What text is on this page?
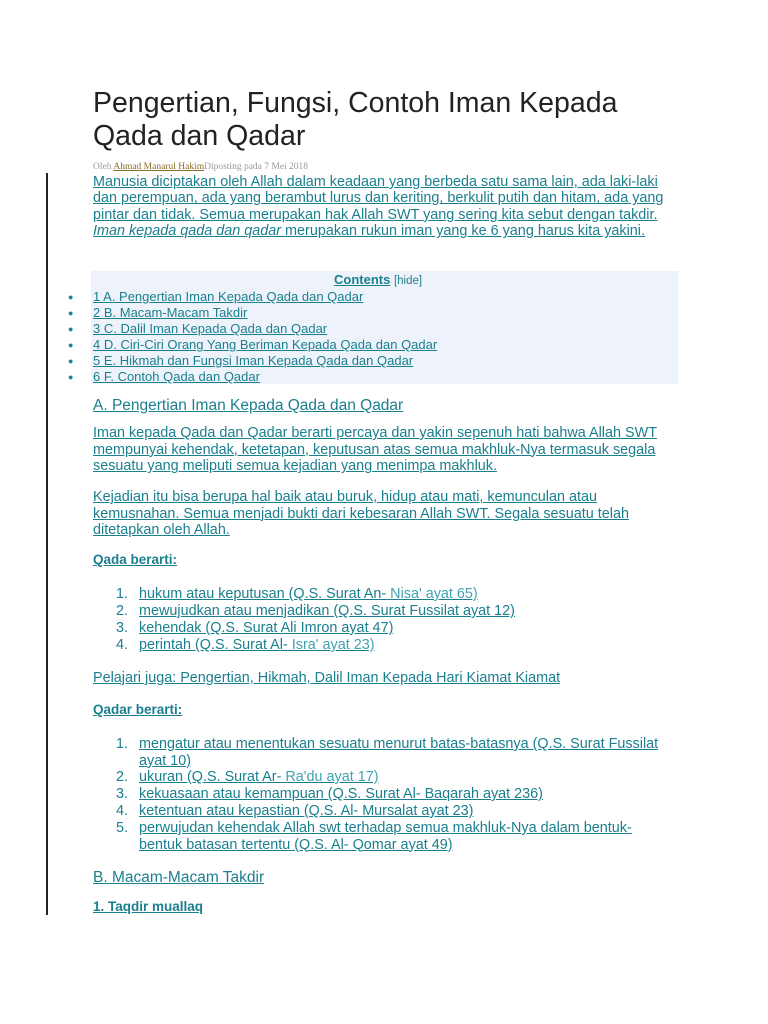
Pengertian, Fungsi, Contoh Iman Kepada Qada dan Qadar
Oleh Ahmad Manarul HakimDiposting pada 7 Mei 2018

Manusia diciptakan oleh Allah dalam keadaan yang berbeda satu sama lain, ada laki-laki dan perempuan, ada yang berambut lurus dan keriting, berkulit putih dan hitam, ada yang pintar dan tidak. Semua merupakan hak Allah SWT yang sering kita sebut dengan takdir. Iman kepada qada dan qadar merupakan rukun iman yang ke 6 yang harus kita yakini.

Contents [hide]
● 1 A. Pengertian Iman Kepada Qada dan Qadar
● 2 B. Macam-Macam Takdir
● 3 C. Dalil Iman Kepada Qada dan Qadar
● 4 D. Ciri-Ciri Orang Yang Beriman Kepada Qada dan Qadar
● 5 E. Hikmah dan Fungsi Iman Kepada Qada dan Qadar
● 6 F. Contoh Qada dan Qadar
A. Pengertian Iman Kepada Qada dan Qadar

Iman kepada Qada dan Qadar berarti percaya dan yakin sepenuh hati bahwa Allah SWT mempunyai kehendak, ketetapan, keputusan atas semua makhluk-Nya termasuk segala sesuatu yang meliputi semua kejadian yang menimpa makhluk.

Kejadian itu bisa berupa hal baik atau buruk, hidup atau mati, kemunculan atau kemusnahan. Semua menjadi bukti dari kebesaran Allah SWT. Segala sesuatu telah ditetapkan oleh Allah.

Qada berarti:

1. hukum atau keputusan (Q.S. Surat An- Nisa' ayat 65)
2. mewujudkan atau menjadikan (Q.S. Surat Fussilat ayat 12)
3. kehendak (Q.S. Surat Ali Imron ayat 47)
4. perintah (Q.S. Surat Al- Isra' ayat 23)

Pelajari juga: Pengertian, Hikmah, Dalil Iman Kepada Hari Kiamat Kiamat

Qadar berarti:

1. mengatur atau menentukan sesuatu menurut batas-batasnya (Q.S. Surat Fussilat ayat 10)
2. ukuran (Q.S. Surat Ar- Ra'du ayat 17)
3. kekuasaan atau kemampuan (Q.S. Surat Al- Baqarah ayat 236)
4. ketentuan atau kepastian (Q.S. Al- Mursalat ayat 23)
5. perwujudan kehendak Allah swt terhadap semua makhluk-Nya dalam bentuk-bentuk batasan tertentu (Q.S. Al- Qomar ayat 49)
B. Macam-Macam Takdir

1. Taqdir muallaq
